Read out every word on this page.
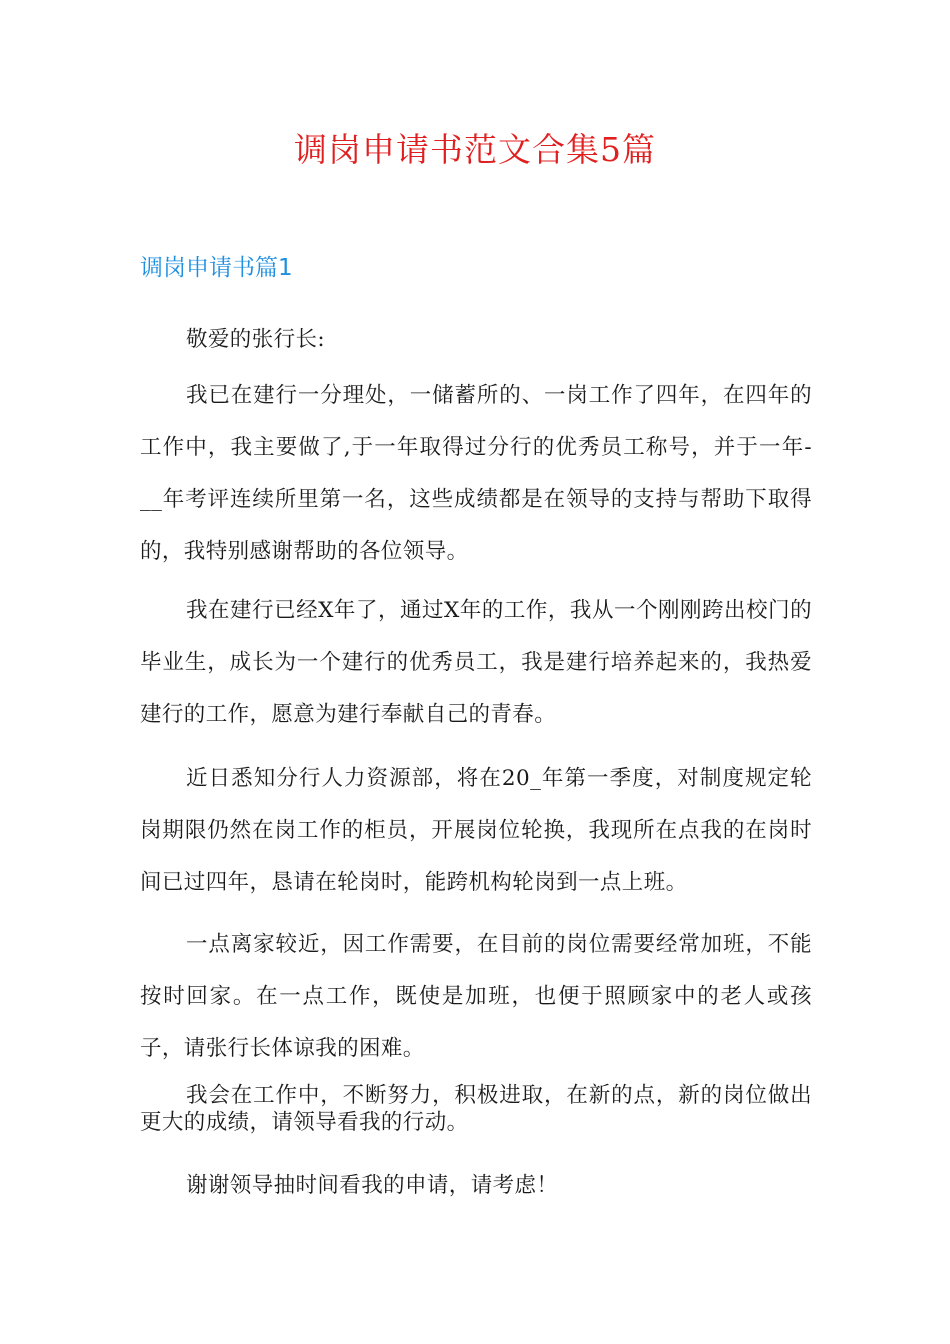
调岗申请书范文合集5篇
调岗申请书篇1

敬爱的张行长:

我已在建行一分理处，一储蓄所的、一岗工作了四年，在四年的工作中，我主要做了,于一年取得过分行的优秀员工称号，并于一年-__年考评连续所里第一名，这些成绩都是在领导的支持与帮助下取得的，我特别感谢帮助的各位领导。

我在建行已经X年了，通过X年的工作，我从一个刚刚跨出校门的毕业生，成长为一个建行的优秀员工，我是建行培养起来的，我热爱建行的工作，愿意为建行奉献自己的青春。

近日悉知分行人力资源部，将在20_年第一季度，对制度规定轮岗期限仍然在岗工作的柜员，开展岗位轮换，我现所在点我的在岗时间已过四年，恳请在轮岗时，能跨机构轮岗到一点上班。

一点离家较近，因工作需要，在目前的岗位需要经常加班，不能按时回家。在一点工作，既使是加班，也便于照顾家中的老人或孩子，请张行长体谅我的困难。

我会在工作中，不断努力，积极进取，在新的点，新的岗位做出更大的成绩，请领导看我的行动。

谢谢领导抽时间看我的申请，请考虑！
